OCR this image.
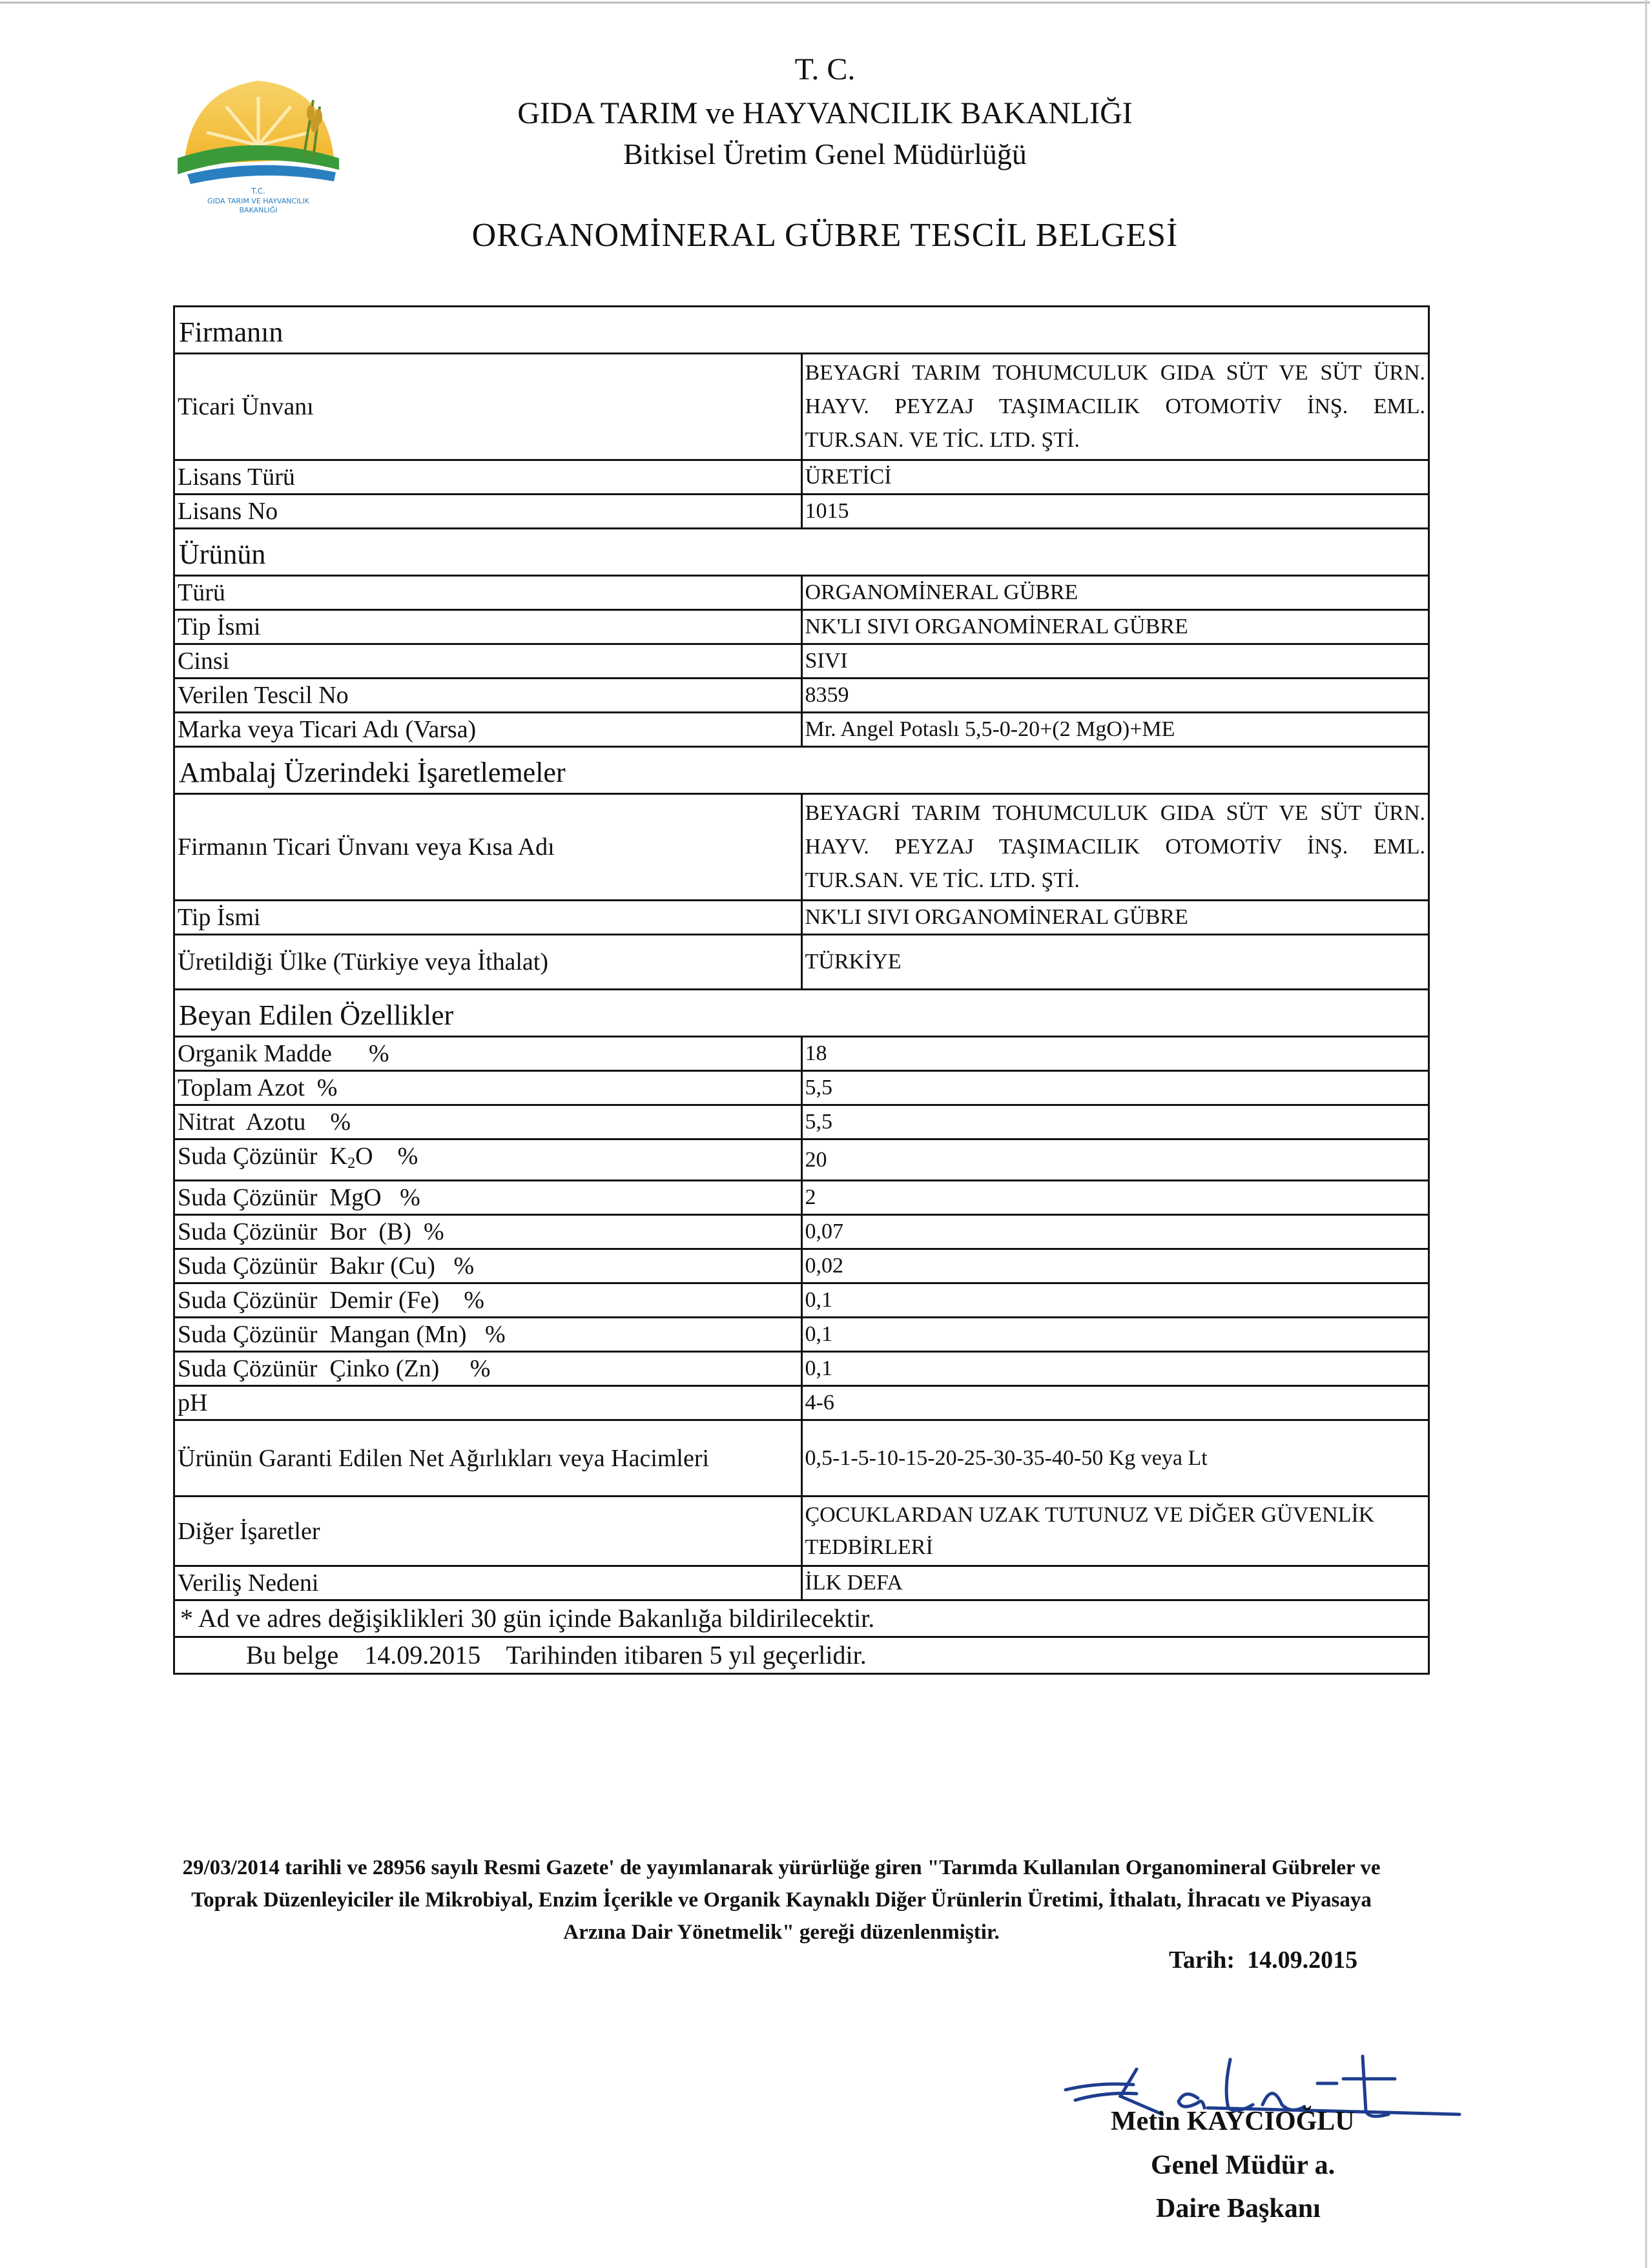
T.C.
GIDA TARIM VE HAYVANCILIK
BAKANLIĞI
T. C.
GIDA TARIM ve HAYVANCILIK BAKANLIĞI
Bitkisel Üretim Genel Müdürlüğü
ORGANOMİNERAL GÜBRE TESCİL BELGESİ
Firmanın	
Ticari Ünvanı	BEYAGRİ TARIM TOHUMCULUK GIDA SÜT VE SÜT ÜRN. HAYV. PEYZAJ TAŞIMACILIK OTOMOTİV İNŞ. EML. TUR.SAN. VE TİC. LTD. ŞTİ.
Lisans Türü	ÜRETİCİ
Lisans No	1015
Ürünün	
Türü	ORGANOMİNERAL GÜBRE
Tip İsmi	NK'LI SIVI ORGANOMİNERAL GÜBRE
Cinsi	SIVI
Verilen Tescil No	8359
Marka veya Ticari Adı (Varsa)	Mr. Angel Potaslı 5,5-0-20+(2 MgO)+ME
Ambalaj Üzerindeki İşaretlemeler	
Firmanın Ticari Ünvanı veya Kısa Adı	BEYAGRİ TARIM TOHUMCULUK GIDA SÜT VE SÜT ÜRN. HAYV. PEYZAJ TAŞIMACILIK OTOMOTİV İNŞ. EML. TUR.SAN. VE TİC. LTD. ŞTİ.
Tip İsmi	NK'LI SIVI ORGANOMİNERAL GÜBRE
Üretildiği Ülke (Türkiye veya İthalat)	TÜRKİYE
Beyan Edilen Özellikler	
Organik Madde      %	18
Toplam Azot  %	5,5
Nitrat  Azotu    %	5,5
Suda Çözünür  $K_2O$    %	20
Suda Çözünür  MgO   %	2
Suda Çözünür  Bor  (B)  %	0,07
Suda Çözünür  Bakır (Cu)   %	0,02
Suda Çözünür  Demir (Fe)    %	0,1
Suda Çözünür  Mangan (Mn)   %	0,1
Suda Çözünür  Çinko (Zn)     %	0,1
pH	4-6
Ürünün Garanti Edilen Net Ağırlıkları veya Hacimleri	0,5-1-5-10-15-20-25-30-35-40-50 Kg veya Lt
Diğer İşaretler	ÇOCUKLARDAN UZAK TUTUNUZ VE DİĞER GÜVENLİK TEDBİRLERİ
Veriliş Nedeni	İLK DEFA
* Ad ve adres değişiklikleri 30 gün içinde Bakanlığa bildirilecektir.	
Bu belge    14.09.2015    Tarihinden itibaren 5 yıl geçerlidir.	
29/03/2014 tarihli ve 28956 sayılı Resmi Gazete' de yayımlanarak yürürlüğe giren "Tarımda Kullanılan Organomineral Gübreler ve Toprak Düzenleyiciler ile Mikrobiyal, Enzim İçerikle ve Organik Kaynaklı Diğer Ürünlerin Üretimi, İthalatı, İhracatı ve Piyasaya Arzına Dair Yönetmelik" gereği düzenlenmiştir.
Tarih:  14.09.2015
Metin KAYCIOĞLU
Genel Müdür a.
Daire Başkanı
